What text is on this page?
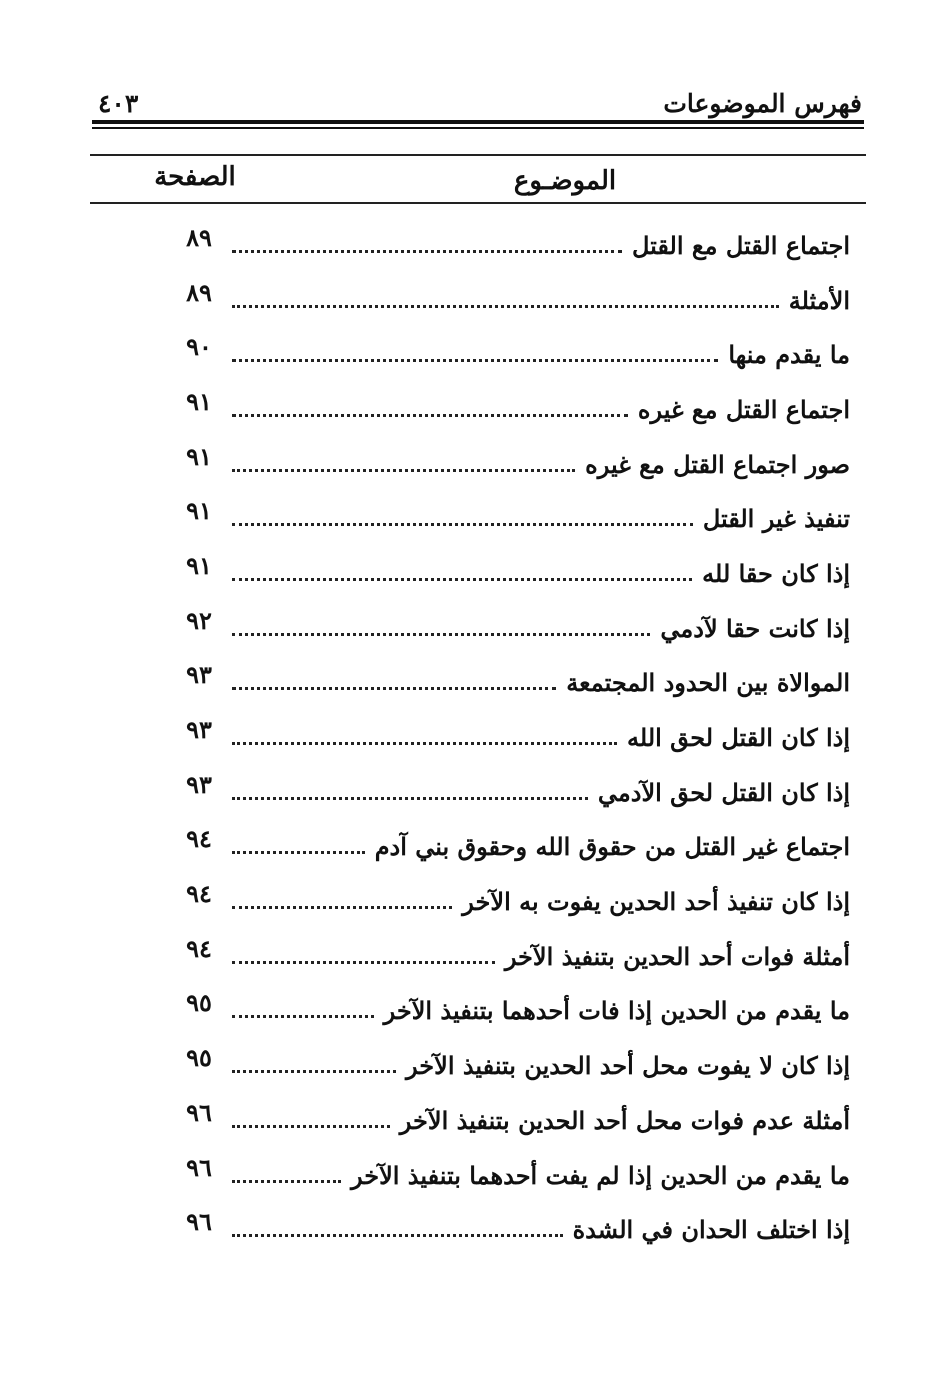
فهرس الموضوعات
٤٠٣
الموضـوع
الصفحة
اجتماع القتل مع القتل
٨٩
الأمثلة
٨٩
ما يقدم منها
٩٠
اجتماع القتل مع غيره
٩١
صور اجتماع القتل مع غيره
٩١
تنفيذ غير القتل
٩١
إذا كان حقا لله
٩١
إذا كانت حقا لآدمي
٩٢
الموالاة بين الحدود المجتمعة
٩٣
إذا كان القتل لحق الله
٩٣
إذا كان القتل لحق الآدمي
٩٣
اجتماع غير القتل من حقوق الله وحقوق بني آدم
٩٤
إذا كان تنفيذ أحد الحدين يفوت به الآخر
٩٤
أمثلة فوات أحد الحدين بتنفيذ الآخر
٩٤
ما يقدم من الحدين إذا فات أحدهما بتنفيذ الآخر
٩٥
إذا كان لا يفوت محل أحد الحدين بتنفيذ الآخر
٩٥
أمثلة عدم فوات محل أحد الحدين بتنفيذ الآخر
٩٦
ما يقدم من الحدين إذا لم يفت أحدهما بتنفيذ الآخر
٩٦
إذا اختلف الحدان في الشدة
٩٦
